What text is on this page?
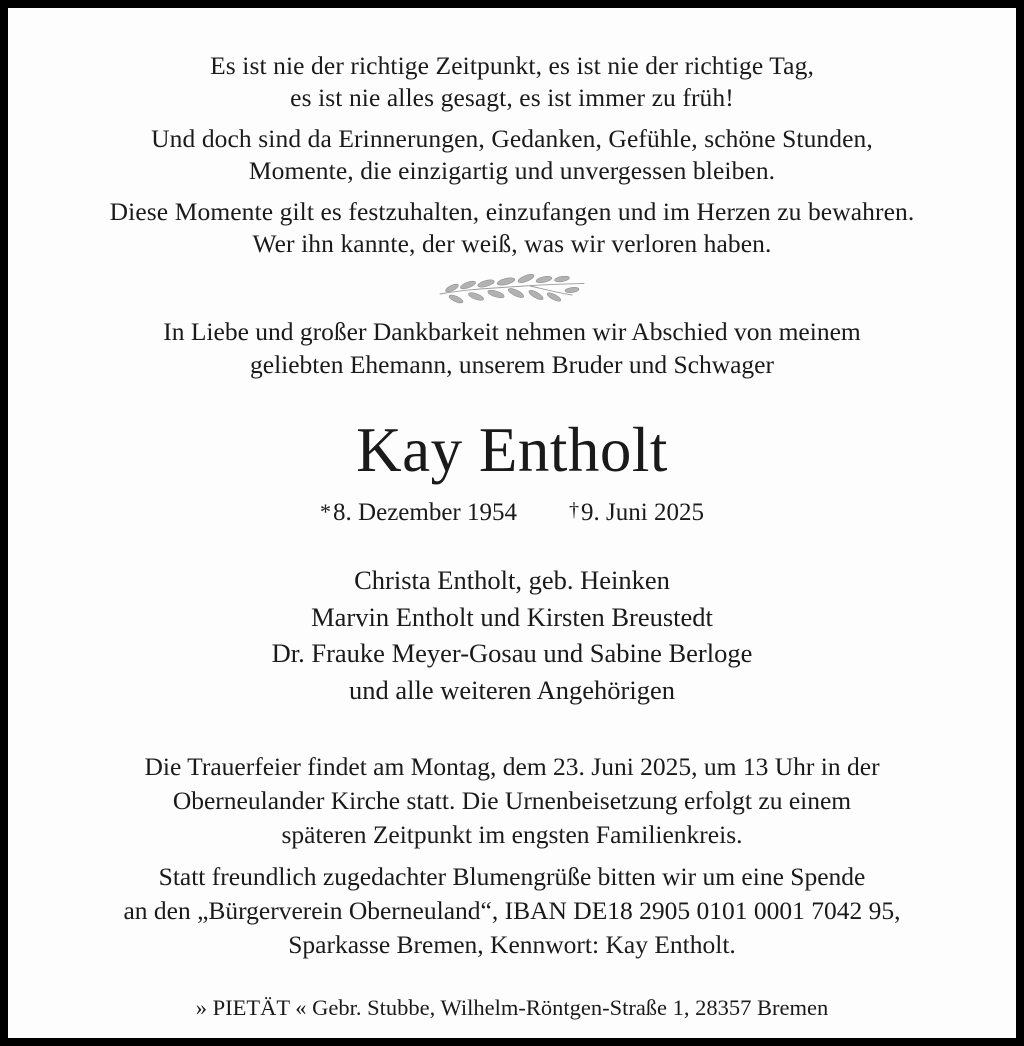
Es ist nie der richtige Zeitpunkt, es ist nie der richtige Tag,
es ist nie alles gesagt, es ist immer zu früh!
Und doch sind da Erinnerungen, Gedanken, Gefühle, schöne Stunden,
Momente, die einzigartig und unvergessen bleiben.
Diese Momente gilt es festzuhalten, einzufangen und im Herzen zu bewahren.
Wer ihn kannte, der weiß, was wir verloren haben.
In Liebe und großer Dankbarkeit nehmen wir Abschied von meinem
geliebten Ehemann, unserem Bruder und Schwager
Kay Entholt
*8. Dezember 1954	†9. Juni 2025
Christa Entholt, geb. Heinken
Marvin Entholt und Kirsten Breustedt
Dr. Frauke Meyer-Gosau und Sabine Berloge
und alle weiteren Angehörigen
Die Trauerfeier findet am Montag, dem 23. Juni 2025, um 13 Uhr in der
Oberneulander Kirche statt. Die Urnenbeisetzung erfolgt zu einem
späteren Zeitpunkt im engsten Familienkreis.
Statt freundlich zugedachter Blumengrüße bitten wir um eine Spende
an den „Bürgerverein Oberneuland“, IBAN DE18 2905 0101 0001 7042 95,
Sparkasse Bremen, Kennwort: Kay Entholt.
» PIETÄT « Gebr. Stubbe, Wilhelm-Röntgen-Straße 1, 28357 Bremen
